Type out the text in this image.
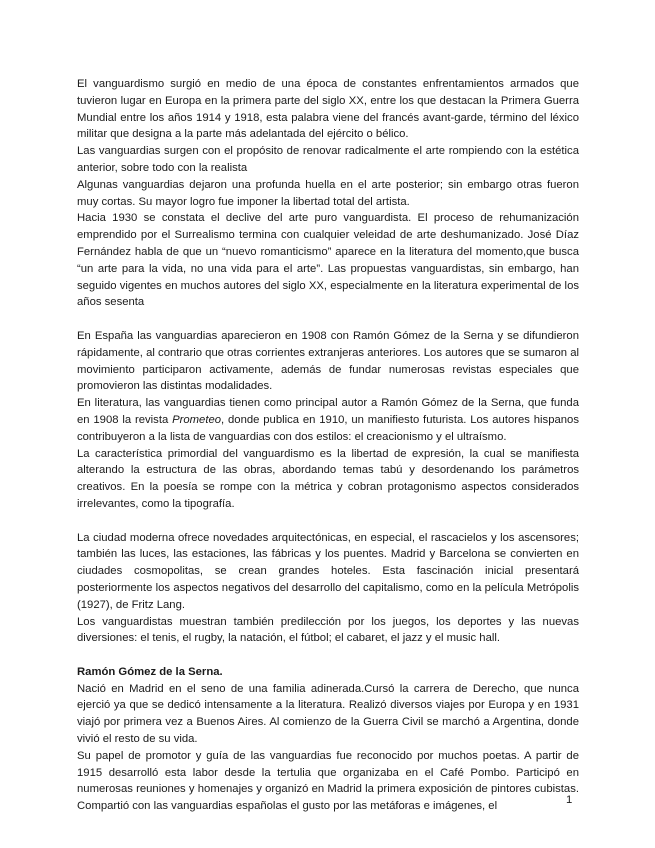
El vanguardismo surgió en medio de una época de constantes enfrentamientos armados que tuvieron lugar en Europa en la primera parte del siglo XX, entre los que destacan la Primera Guerra Mundial entre los años 1914 y 1918, esta palabra viene del francés avant-garde, término del léxico militar que designa a la parte más adelantada del ejército o bélico.

Las vanguardias surgen con el propósito de renovar radicalmente el arte rompiendo con la estética anterior, sobre todo con la realista

Algunas vanguardias dejaron una profunda huella en el arte posterior; sin embargo otras fueron muy cortas. Su mayor logro fue imponer la libertad total del artista.

Hacia 1930 se constata el declive del arte puro vanguardista. El proceso de rehumanización emprendido por el Surrealismo termina con cualquier veleidad de arte deshumanizado. José Díaz Fernández habla de que un “nuevo romanticismo” aparece en la literatura del momento,que busca “un arte para la vida, no una vida para el arte”. Las propuestas vanguardistas, sin embargo, han seguido vigentes en muchos autores del siglo XX, especialmente en la literatura experimental de los años sesenta

En España las vanguardias aparecieron en 1908 con Ramón Gómez de la Serna y se difundieron rápidamente, al contrario que otras corrientes extranjeras anteriores. Los autores que se sumaron al movimiento participaron activamente, además de fundar numerosas revistas especiales que promovieron las distintas modalidades.

En literatura, las vanguardias tienen como principal autor a Ramón Gómez de la Serna, que funda en 1908 la revista Prometeo, donde publica en 1910, un manifiesto futurista. Los autores hispanos contribuyeron a la lista de vanguardias con dos estilos: el creacionismo y el ultraísmo.

La característica primordial del vanguardismo es la libertad de expresión, la cual se manifiesta alterando la estructura de las obras, abordando temas tabú y desordenando los parámetros creativos. En la poesía se rompe con la métrica y cobran protagonismo aspectos considerados irrelevantes, como la tipografía.

La ciudad moderna ofrece novedades arquitectónicas, en especial, el rascacielos y los ascensores; también las luces, las estaciones, las fábricas y los puentes. Madrid y Barcelona se convierten en ciudades cosmopolitas, se crean grandes hoteles. Esta fascinación inicial presentará posteriormente los aspectos negativos del desarrollo del capitalismo, como en la película Metrópolis (1927), de Fritz Lang.

Los vanguardistas muestran también predilección por los juegos, los deportes y las nuevas diversiones: el tenis, el rugby, la natación, el fútbol; el cabaret, el jazz y el music hall.

Ramón Gómez de la Serna.

Nació en Madrid en el seno de una familia adinerada.Cursó la carrera de Derecho, que nunca ejerció ya que se dedicó intensamente a la literatura. Realizó diversos viajes por Europa y en 1931 viajó por primera vez a Buenos Aires. Al comienzo de la Guerra Civil se marchó a Argentina, donde vivió el resto de su vida.

Su papel de promotor y guía de las vanguardias fue reconocido por muchos poetas. A partir de 1915 desarrolló esta labor desde la tertulia que organizaba en el Café Pombo. Participó en numerosas reuniones y homenajes y organizó en Madrid la primera exposición de pintores cubistas. Compartió con las vanguardias españolas el gusto por las metáforas e imágenes, el

1
